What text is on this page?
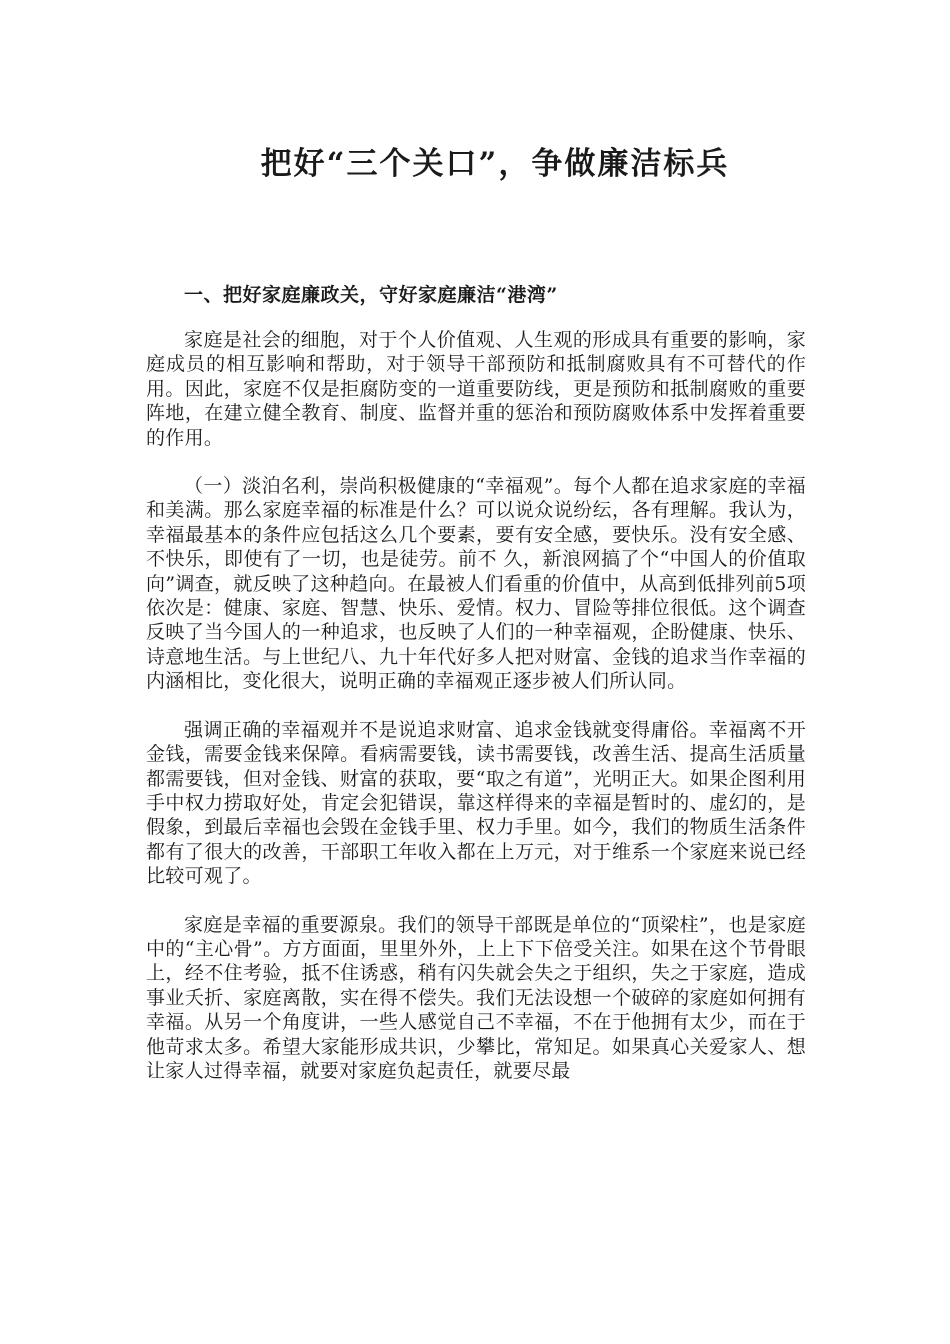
把好“三个关口”，争做廉洁标兵
一、把好家庭廉政关，守好家庭廉洁“港湾”

家庭是社会的细胞，对于个人价值观、人生观的形成具有重要的影响，家庭成员的相互影响和帮助，对于领导干部预防和抵制腐败具有不可替代的作用。因此，家庭不仅是拒腐防变的一道重要防线，更是预防和抵制腐败的重要阵地，在建立健全教育、制度、监督并重的惩治和预防腐败体系中发挥着重要的作用。

（一）淡泊名利，崇尚积极健康的“幸福观”。每个人都在追求家庭的幸福和美满。那么家庭幸福的标准是什么？可以说众说纷纭，各有理解。我认为，幸福最基本的条件应包括这么几个要素，要有安全感，要快乐。没有安全感、不快乐，即使有了一切，也是徒劳。前不 久，新浪网搞了个“中国人的价值取向”调查，就反映了这种趋向。在最被人们看重的价值中，从高到低排列前5项依次是：健康、家庭、智慧、快乐、爱情。权力、冒险等排位很低。这个调查反映了当今国人的一种追求，也反映了人们的一种幸福观，企盼健康、快乐、诗意地生活。与上世纪八、九十年代好多人把对财富、金钱的追求当作幸福的内涵相比，变化很大，说明正确的幸福观正逐步被人们所认同。

强调正确的幸福观并不是说追求财富、追求金钱就变得庸俗。幸福离不开金钱，需要金钱来保障。看病需要钱，读书需要钱，改善生活、提高生活质量都需要钱，但对金钱、财富的获取，要“取之有道”，光明正大。如果企图利用手中权力捞取好处，肯定会犯错误，靠这样得来的幸福是暂时的、虚幻的，是假象，到最后幸福也会毁在金钱手里、权力手里。如今，我们的物质生活条件都有了很大的改善，干部职工年收入都在上万元，对于维系一个家庭来说已经比较可观了。

家庭是幸福的重要源泉。我们的领导干部既是单位的“顶梁柱”，也是家庭中的“主心骨”。方方面面，里里外外，上上下下倍受关注。如果在这个节骨眼上，经不住考验，抵不住诱惑，稍有闪失就会失之于组织，失之于家庭，造成事业夭折、家庭离散，实在得不偿失。我们无法设想一个破碎的家庭如何拥有幸福。从另一个角度讲，一些人感觉自己不幸福，不在于他拥有太少，而在于他苛求太多。希望大家能形成共识，少攀比，常知足。如果真心关爱家人、想让家人过得幸福，就要对家庭负起责任，就要尽最
